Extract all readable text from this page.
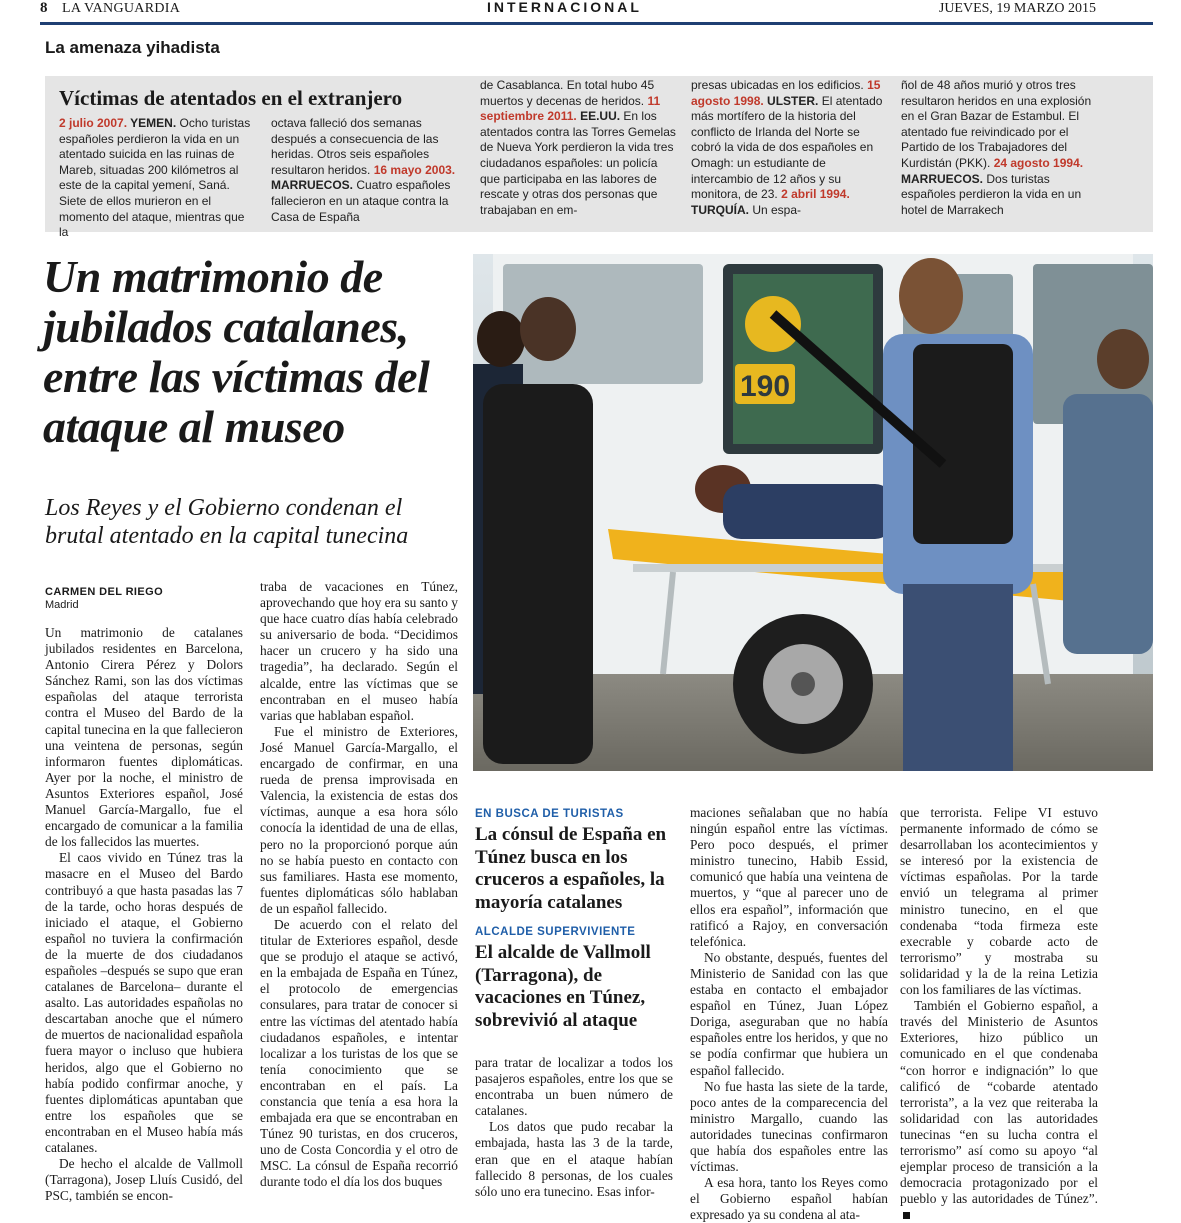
8 LA VANGUARDIA	INTERNACIONAL	JUEVES, 19 MARZO 2015
La amenaza yihadista
Víctimas de atentados en el extranjero
2 julio 2007. YEMEN. Ocho turistas españoles perdieron la vida en un atentado suicida en las ruinas de Mareb, situadas 200 kilómetros al este de la capital yemení, Saná. Siete de ellos murieron en el momento del ataque, mientras que la
octava falleció dos semanas después a consecuencia de las heridas. Otros seis españoles resultaron heridos. 16 mayo 2003. MARRUECOS. Cuatro españoles fallecieron en un ataque contra la Casa de España
de Casablanca. En total hubo 45 muertos y decenas de heridos. 11 septiembre 2011. EE.UU. En los atentados contra las Torres Gemelas de Nueva York perdieron la vida tres ciudadanos españoles: un policía que participaba en las labores de rescate y otras dos personas que trabajaban en em-
presas ubicadas en los edificios. 15 agosto 1998. ULSTER. El atentado más mortífero de la historia del conflicto de Irlanda del Norte se cobró la vida de dos españoles en Omagh: un estudiante de intercambio de 12 años y su monitora, de 23. 2 abril 1994. TURQUÍA. Un espa-
ñol de 48 años murió y otros tres resultaron heridos en una explosión en el Gran Bazar de Estambul. El atentado fue reivindicado por el Partido de los Trabajadores del Kurdistán (PKK). 24 agosto 1994. MARRUECOS. Dos turistas españoles perdieron la vida en un hotel de Marrakech
Un matrimonio de jubilados catalanes, entre las víctimas del ataque al museo
Los Reyes y el Gobierno condenan el brutal atentado en la capital tunecina
CARMEN DEL RIEGO
Madrid
190

Un matrimonio de catalanes jubilados residentes en Barcelona, Antonio Cirera Pérez y Dolors Sánchez Rami, son las dos víctimas españolas del ataque terrorista contra el Museo del Bardo de la capital tunecina en la que fallecieron una veintena de personas, según informaron fuentes diplomáticas. Ayer por la noche, el ministro de Asuntos Exteriores español, José Manuel García-Margallo, fue el encargado de comunicar a la familia de los fallecidos las muertes.

El caos vivido en Túnez tras la masacre en el Museo del Bardo contribuyó a que hasta pasadas las 7 de la tarde, ocho horas después de iniciado el ataque, el Gobierno español no tuviera la confirmación de la muerte de dos ciudadanos españoles –después se supo que eran catalanes de Barcelona– durante el asalto. Las autoridades españolas no descartaban anoche que el número de muertos de nacionalidad española fuera mayor o incluso que hubiera heridos, algo que el Gobierno no había podido confirmar anoche, y fuentes diplomáticas apuntaban que entre los españoles que se encontraban en el Museo había más catalanes.

De hecho el alcalde de Vallmoll (Tarragona), Josep Lluís Cusidó, del PSC, también se encon-

traba de vacaciones en Túnez, aprovechando que hoy era su santo y que hace cuatro días había celebrado su aniversario de boda. “Decidimos hacer un crucero y ha sido una tragedia”, ha declarado. Según el alcalde, entre las víctimas que se encontraban en el museo había varias que hablaban español.

Fue el ministro de Exteriores, José Manuel García-Margallo, el encargado de confirmar, en una rueda de prensa improvisada en Valencia, la existencia de estas dos víctimas, aunque a esa hora sólo conocía la identidad de una de ellas, pero no la proporcionó porque aún no se había puesto en contacto con sus familiares. Hasta ese momento, fuentes diplomáticas sólo hablaban de un español fallecido.

De acuerdo con el relato del titular de Exteriores español, desde que se produjo el ataque se activó, en la embajada de España en Túnez, el protocolo de emergencias consulares, para tratar de conocer si entre las víctimas del atentado había ciudadanos españoles, e intentar localizar a los turistas de los que se tenía conocimiento que se encontraban en el país. La constancia que tenía a esa hora la embajada era que se encontraban en Túnez 90 turistas, en dos cruceros, uno de Costa Concordia y el otro de MSC. La cónsul de España recorrió durante todo el día los dos buques

EN BUSCA DE TURISTAS
La cónsul de España en Túnez busca en los cruceros a españoles, la mayoría catalanes
ALCALDE SUPERVIVIENTE
El alcalde de Vallmoll (Tarragona), de vacaciones en Túnez, sobrevivió al ataque

para tratar de localizar a todos los pasajeros españoles, entre los que se encontraba un buen número de catalanes.

Los datos que pudo recabar la embajada, hasta las 3 de la tarde, eran que en el ataque habían fallecido 8 personas, de los cuales sólo uno era tunecino. Esas infor-

maciones señalaban que no había ningún español entre las víctimas. Pero poco después, el primer ministro tunecino, Habib Essid, comunicó que había una veintena de muertos, y “que al parecer uno de ellos era español”, información que ratificó a Rajoy, en conversación telefónica.

No obstante, después, fuentes del Ministerio de Sanidad con las que estaba en contacto el embajador español en Túnez, Juan López Doriga, aseguraban que no había españoles entre los heridos, y que no se podía confirmar que hubiera un español fallecido.

No fue hasta las siete de la tarde, poco antes de la comparecencia del ministro Margallo, cuando las autoridades tunecinas confirmaron que había dos españoles entre las víctimas.

A esa hora, tanto los Reyes como el Gobierno español habían expresado ya su condena al ata-

que terrorista. Felipe VI estuvo permanente informado de cómo se desarrollaban los acontecimientos y se interesó por la existencia de víctimas españolas. Por la tarde envió un telegrama al primer ministro tunecino, en el que condenaba “toda firmeza este execrable y cobarde acto de terrorismo” y mostraba su solidaridad y la de la reina Letizia con los familiares de las víctimas.

También el Gobierno español, a través del Ministerio de Asuntos Exteriores, hizo público un comunicado en el que condenaba “con horror e indignación” lo que calificó de “cobarde atentado terrorista”, a la vez que reiteraba la solidaridad con las autoridades tunecinas “en su lucha contra el terrorismo” así como su apoyo “al ejemplar proceso de transición a la democracia protagonizado por el pueblo y las autoridades de Túnez”.
